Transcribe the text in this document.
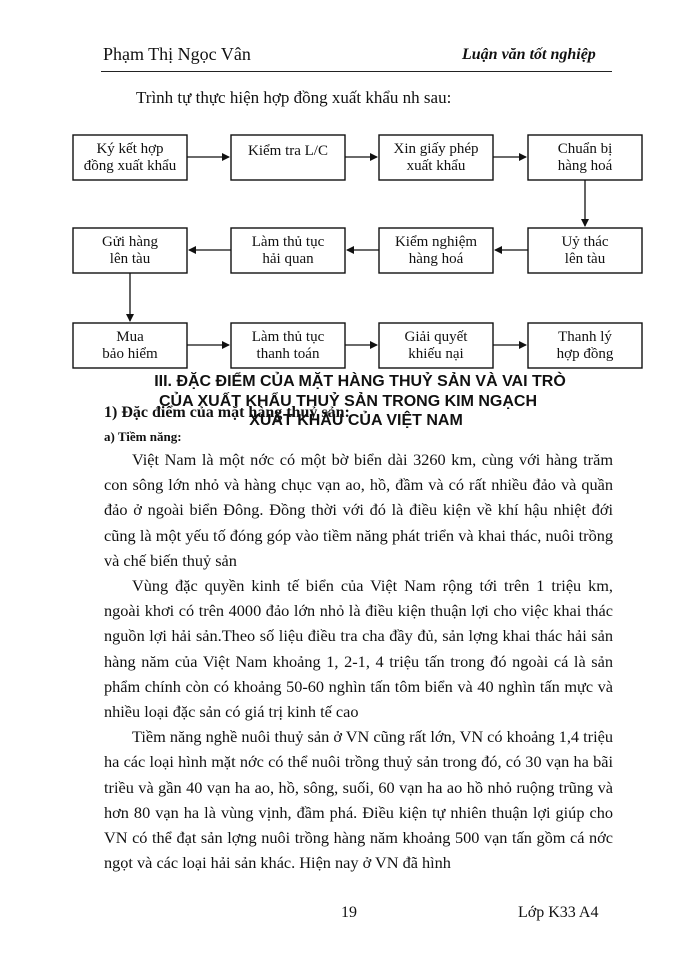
Phạm Thị Ngọc Vân	Luận văn tốt nghiệp
Trình tự thực hiện hợp đồng xuất khẩu nh sau:
Ký kết hợp
đồng xuất khẩu
Kiểm tra L/C	Xin giấy phép
xuất khẩu
Chuẩn bị
hàng hoá
Gửi hàng
lên tàu
Làm thủ tục
hải quan
Kiểm nghiệm
hàng hoá
Uỷ thác
lên tàu
Mua
bảo hiểm
Làm thủ tục
thanh toán
Giải quyết
khiếu nại
Thanh lý
hợp đồng
III. ĐẶC ĐIỂM CỦA MẶT HÀNG THUỶ SẢN VÀ VAI TRÒ
CỦA XUẤT KHẨU THUỶ SẢN TRONG KIM NGẠCH
XUẤT KHẨU CỦA VIỆT NAM
1) Đặc điểm của mặt hàng thuỷ sản:
a) Tiềm năng:

Việt Nam là một nớc có một bờ biển dài 3260 km, cùng với hàng trăm con sông lớn nhỏ và hàng chục vạn ao, hồ, đầm và có rất nhiều đảo và quần đảo ở ngoài biển Đông. Đồng thời với đó là điều kiện về khí hậu nhiệt đới cũng là một yếu tố đóng góp vào tiềm năng phát triển và khai thác, nuôi trồng và chế biến thuỷ sản

Vùng đặc quyền kinh tế biển của Việt Nam rộng tới trên 1 triệu km, ngoài khơi có trên 4000 đảo lớn nhỏ là điều kiện thuận lợi cho việc khai thác nguồn lợi hải sản.Theo số liệu điều tra cha đầy đủ, sản lợng khai thác hải sản hàng năm của Việt Nam khoảng 1, 2-1, 4 triệu tấn trong đó ngoài cá là sản phẩm chính còn có khoảng 50-60 nghìn tấn tôm biển và 40 nghìn tấn mực và nhiều loại đặc sản có giá trị kinh tế cao

Tiềm năng nghề nuôi thuỷ sản ở VN cũng rất lớn, VN có khoảng 1,4 triệu ha các loại hình mặt nớc có thể nuôi trồng thuỷ sản trong đó, có 30 vạn ha bãi triều và gần 40 vạn ha ao, hồ, sông, suối, 60 vạn ha ao hồ nhỏ ruộng trũng và hơn 80 vạn ha là vùng vịnh, đầm phá. Điều kiện tự nhiên thuận lợi giúp cho VN có thể đạt sản lợng nuôi trồng hàng năm khoảng 500 vạn tấn gồm cá nớc ngọt và các loại hải sản khác. Hiện nay ở VN đã hình

19	Lớp K33 A4
